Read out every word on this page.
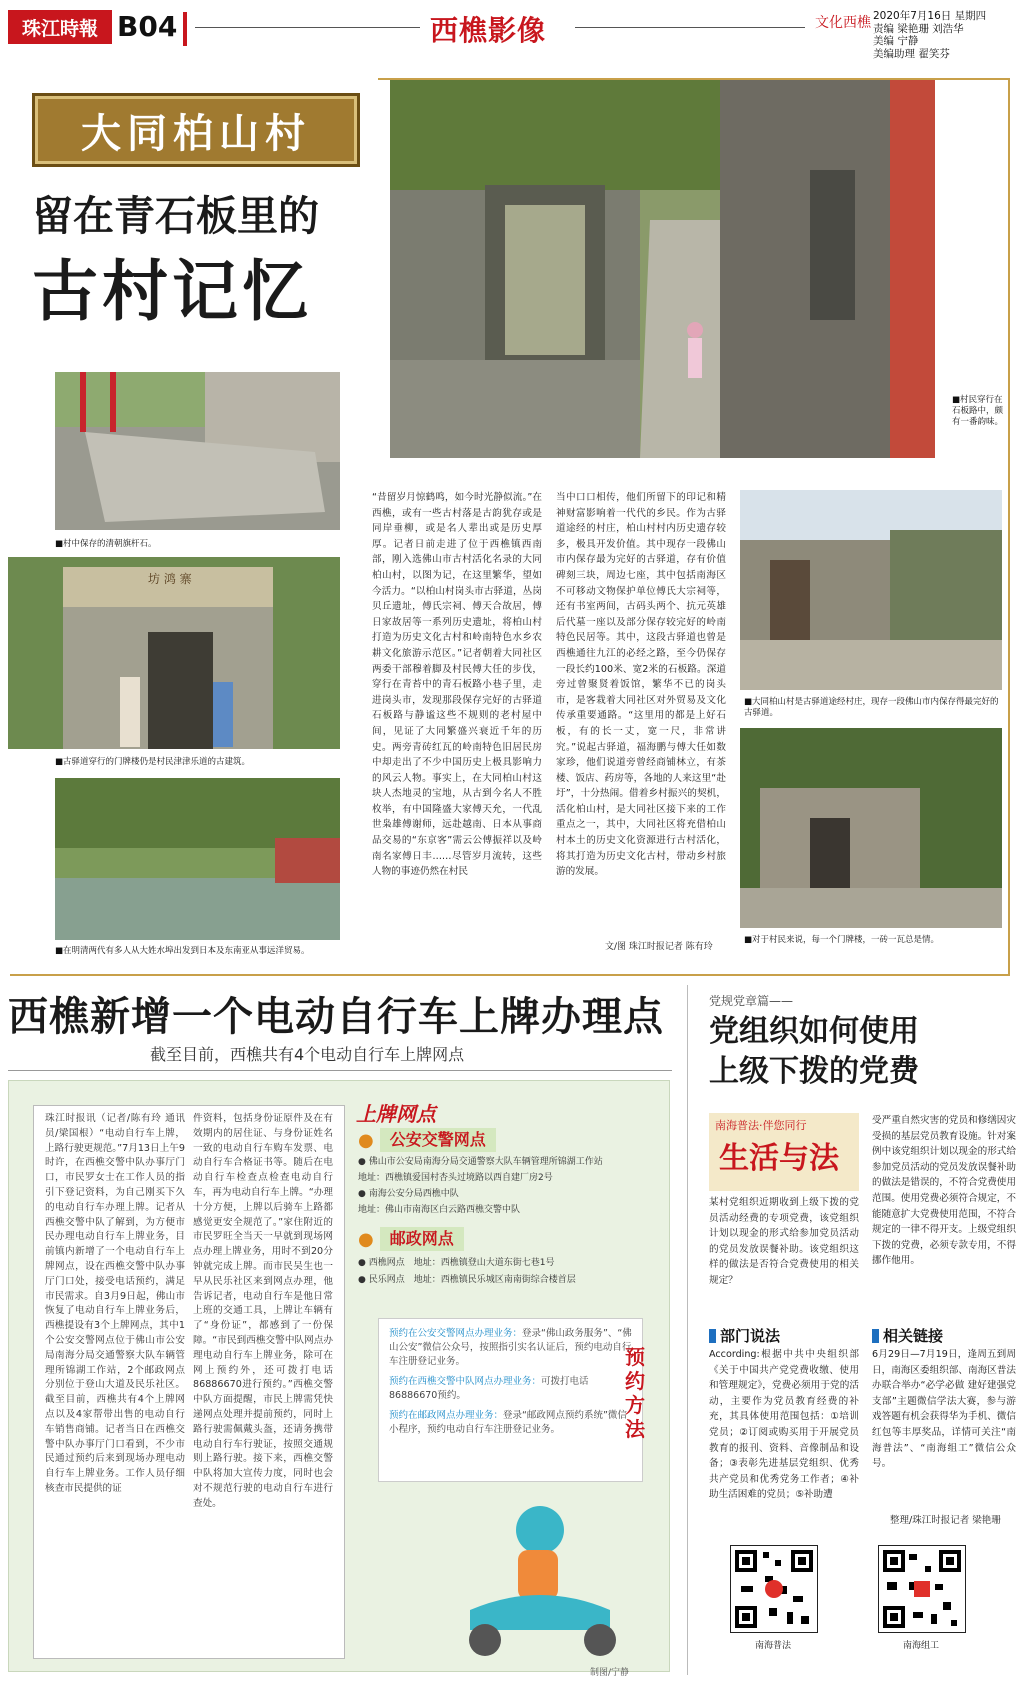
珠江時報 B04	西樵影像	文化西樵 2020年7月16日 星期四
责编 梁艳珊 刘浩华
美编 宁静
美编助理 翟笑芬
大同柏山村
留在青石板里的
古村记忆
■村民穿行在石板路中，颇有一番韵味。
■村中保存的清朝旗杆石。
坊 鸿 寨
■古驿道穿行的门牌楼仍是村民津津乐道的古建筑。
■在明清两代有多人从大姓水埠出发到日本及东南亚从事远洋贸易。
“昔留岁月惊鹤鸣，如今时光静似流。”在西樵，或有一些古村落是古韵犹存或是同岸垂柳，或是名人辈出或是历史厚厚。记者日前走进了位于西樵镇西南部，刚入选佛山市古村活化名录的大同柏山村，以图为记，在这里繁华，望如今活力。“以柏山村岗头市古驿道，丛岗贝丘遗址，傅氏宗祠、傅天合故居，傅日家故居等一系列历史遗址，将柏山村打造为历史文化古村和岭南特色水乡农耕文化旅游示范区。”记者朝着大同社区两委干部穆着脚及村民傅大任的步伐，穿行在青苔中的青石板路小巷子里，走进岗头市，发现那段保存完好的古驿道石板路与静谧这些不规则的老村屋中间，见证了大同繁盛兴衰近千年的历史。两旁青砖红瓦的岭南特色旧居民房中却走出了不少中国历史上极具影响力的风云人物。事实上，在大同柏山村这块人杰地灵的宝地，从古到今名人不胜枚举，有中国隆盛大家傅天允，一代乱世枭雄傅谢师，远赴越南、日本从事商品交易的“东京客”需云公傅振祥以及岭南名家傅日丰……尽管岁月流转，这些人物的事迹仍然在村民
当中口口相传，他们所留下的印记和精神财富影响着一代代的乡民。作为古驿道途经的村庄，柏山村村内历史遗存较多，极具开发价值。其中现存一段佛山市内保存最为完好的古驿道，存有价值碑刻三块，周边七座，其中包括南海区不可移动文物保护单位傅氏大宗祠等，还有书室两间，古码头两个、抗元英雄后代墓一座以及部分保存较完好的岭南特色民居等。其中，这段古驿道也曾是西樵通往九江的必经之路，至今仍保存一段长约100米、宽2米的石板路。深道旁过曾聚贤着饭馆，繁华不已的岗头市，是客栽着大同社区对外贸易及文化传承重要通路。“这里用的都是上好石板，有的长一丈，宽一尺，非常讲究。”说起古驿道，福海鹏与傅大任如数家珍，他们说道旁曾经商铺林立，有茶楼、饭店、药房等，各地的人来这里“赴圩”，十分热闹。借着乡村振兴的契机，活化柏山村，是大同社区接下来的工作重点之一，其中，大同社区将充借柏山村本土的历史文化资源进行古村活化，将其打造为历史文化古村，带动乡村旅游的发展。
文/图 珠江时报记者 陈有玲
■大同柏山村是古驿道途经村庄，现存一段佛山市内保存得最完好的古驿道。
■对于村民来说，每一个门牌楼，一砖一瓦总是情。
西樵新增一个电动自行车上牌办理点
截至目前，西樵共有4个电动自行车上牌网点
珠江时报讯（记者/陈有玲 通讯员/梁国根）“电动自行车上牌，上路行驶更规范。”7月13日上午9时许，在西樵交警中队办事厅门口，市民罗女士在工作人员的指引下登记资料，为自己刚买下久的电动自行车办理上牌。记者从西樵交警中队了解到，为方便市民办理电动自行车上牌业务，目前镇内新增了一个电动自行车上牌网点，设在西樵交警中队办事厅门口处，接受电话预约，满足市民需求。自3月9日起，佛山市恢复了电动自行车上牌业务后，西樵提设有3个上牌网点，其中1个公安交警网点位于佛山市公安局南海分局交通警察大队车辆管理所锦湖工作站，2个邮政网点分别位于登山大道及民乐社区。截至目前，西樵共有4个上牌网点以及4家帮带出售的电动自行车销售商铺。记者当日在西樵交警中队办事厅门口看到，不少市民通过预约后来到现场办理电动自行车上牌业务。工作人员仔细核查市民提供的证
件资料，包括身份证原件及在有效期内的居住证、与身份证姓名一致的电动自行车购车发票、电动自行车合格证书等。随后在电动自行车检查点检查电动自行车，再为电动自行车上牌。“办理十分方便，上牌以后骑车上路都感觉更安全规范了。”家住附近的市民罗旺全当天一早就到现场网点办理上牌业务，用时不到20分钟就完成上牌。而市民吴生也一早从民乐社区来到网点办理，他告诉记者，电动自行车是他日常上班的交通工具，上牌让车辆有了“身份证”，都感到了一份保障。“市民到西樵交警中队网点办理电动自行车上牌业务，除可在网上预约外，还可拨打电话86886670进行预约。”西樵交警中队方面提醒，市民上牌需凭快递网点处理并提前预约，同时上路行驶需佩戴头盔，还请务携带电动自行车行驶证，按照交通规则上路行驶。接下来，西樵交警中队将加大宣传力度，同时也会对不规范行驶的电动自行车进行查处。
上牌网点
●	公安交警网点
● 佛山市公安局南海分局交通警察大队车辆管理所锦湖工作站
地址：西樵镇爱国村杏头过境路以西自建厂房2号
● 南海公安分局西樵中队
地址：佛山市南海区白云路西樵交警中队
●	邮政网点
● 西樵网点　地址：西樵镇登山大道东街七巷1号
● 民乐网点　地址：西樵镇民乐城区南南街综合楼首层
预约在公安交警网点办理业务：登录“佛山政务服务”、“佛山公安”微信公众号，按照指引实名认证后，预约电动自行车注册登记业务。
预约在西樵交警中队网点办理业务：可拨打电话86886670预约。
预约在邮政网点办理业务：登录“邮政网点预约系统”微信小程序，预约电动自行车注册登记业务。
预约方法
制图/宁静
党规党章篇——
党组织如何使用
上级下拨的党费
南海普法·伴您同行
生活与法
某村党组织近期收到上级下拨的党员活动经费的专项党费，该党组织计划以现金的形式给参加党员活动的党员发放误餐补助。该党组织这样的做法是否符合党费使用的相关规定？
受严重自然灾害的党员和修缮因灾受损的基层党员教育设施。针对案例中该党组织计划以现金的形式给参加党员活动的党员发放误餐补助的做法是错误的，不符合党费使用范围。使用党费必须符合规定，不能随意扩大党费使用范围，不符合规定的一律不得开支。上级党组织下拨的党费，必须专款专用，不得挪作他用。
部门说法
According:根据中共中央组织部《关于中国共产党党费收缴、使用和管理规定》，党费必须用于党的活动，主要作为党员教育经费的补充，其具体使用范围包括：①培训党员；②订阅或购买用于开展党员教育的报刊、资料、音像制品和设备；③表彰先进基层党组织、优秀共产党员和优秀党务工作者；④补助生活困难的党员；⑤补助遭
相关链接
6月29日—7月19日，逢周五到周日，南海区委组织部、南海区普法办联合举办“必学必做 建好建强党支部”主题微信学法大赛，参与游戏答题有机会获得华为手机、微信红包等丰厚奖品，详情可关注“南海普法”、“南海组工”微信公众号。
整理/珠江时报记者 梁艳珊
南海普法	南海组工
